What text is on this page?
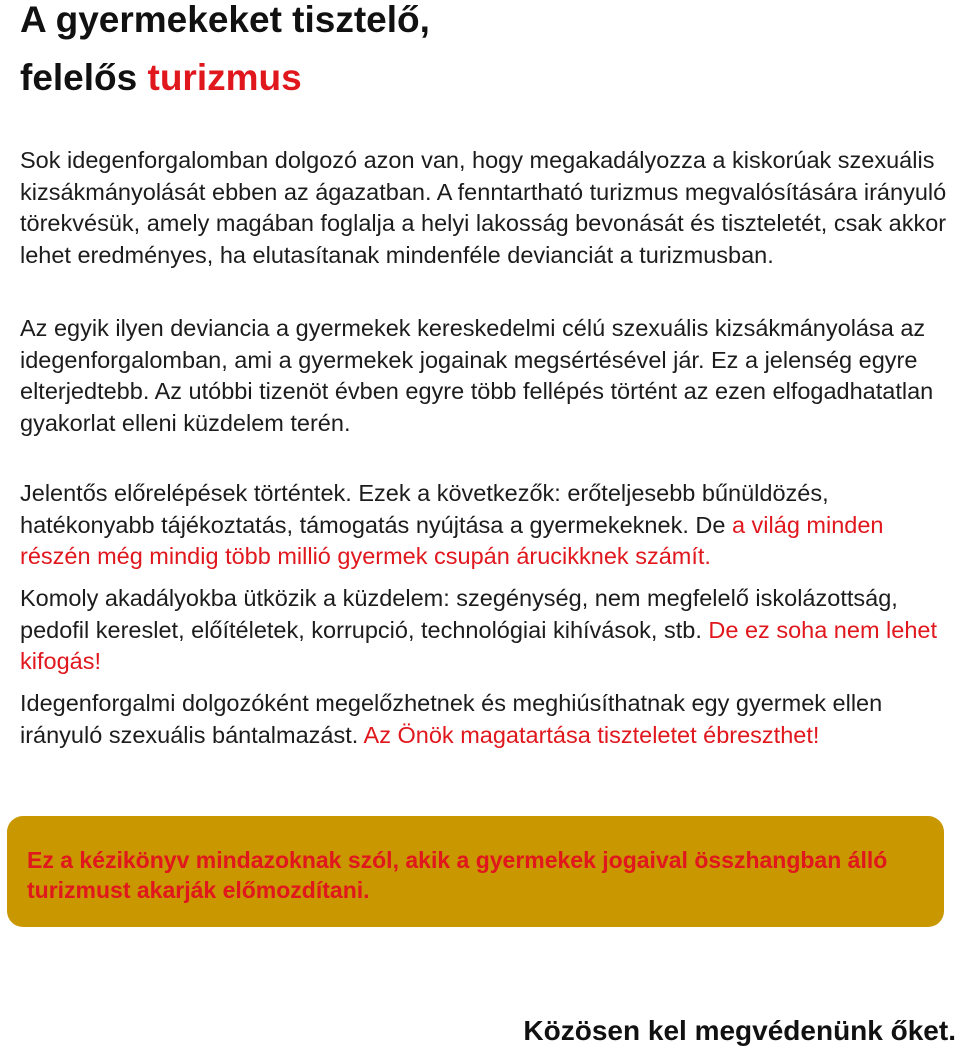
A gyermekeket tisztelő,
felelős turizmus

Sok idegenforgalomban dolgozó azon van, hogy megakadályozza a kiskorúak szexuális kizsákmányolását ebben az ágazatban. A fenntartható turizmus megvalósítására irányuló törekvésük, amely magában foglalja a helyi lakosság bevonását és tiszteletét, csak akkor lehet eredményes, ha elutasítanak mindenféle devianciát a turizmusban.

Az egyik ilyen deviancia a gyermekek kereskedelmi célú szexuális kizsákmányolása az idegenforgalomban, ami a gyermekek jogainak megsértésével jár. Ez a jelenség egyre elterjedtebb. Az utóbbi tizenöt évben egyre több fellépés történt az ezen elfogadhatatlan gyakorlat elleni küzdelem terén.

Jelentős előrelépések történtek. Ezek a következők: erőteljesebb bűnüldözés, hatékonyabb tájékoztatás, támogatás nyújtása a gyermekeknek. De a világ minden részén még mindig több millió gyermek csupán árucikknek számít.

Komoly akadályokba ütközik a küzdelem: szegénység, nem megfelelő iskolázottság, pedofil kereslet, előítéletek, korrupció, technológiai kihívások, stb. De ez soha nem lehet kifogás!

Idegenforgalmi dolgozóként megelőzhetnek és meghiúsíthatnak egy gyermek ellen irányuló szexuális bántalmazást. Az Önök magatartása tiszteletet ébreszthet!

Ez a kézikönyv mindazoknak szól, akik a gyermekek jogaival összhangban álló turizmust akarják előmozdítani.

Közösen kel megvédenünk őket.
